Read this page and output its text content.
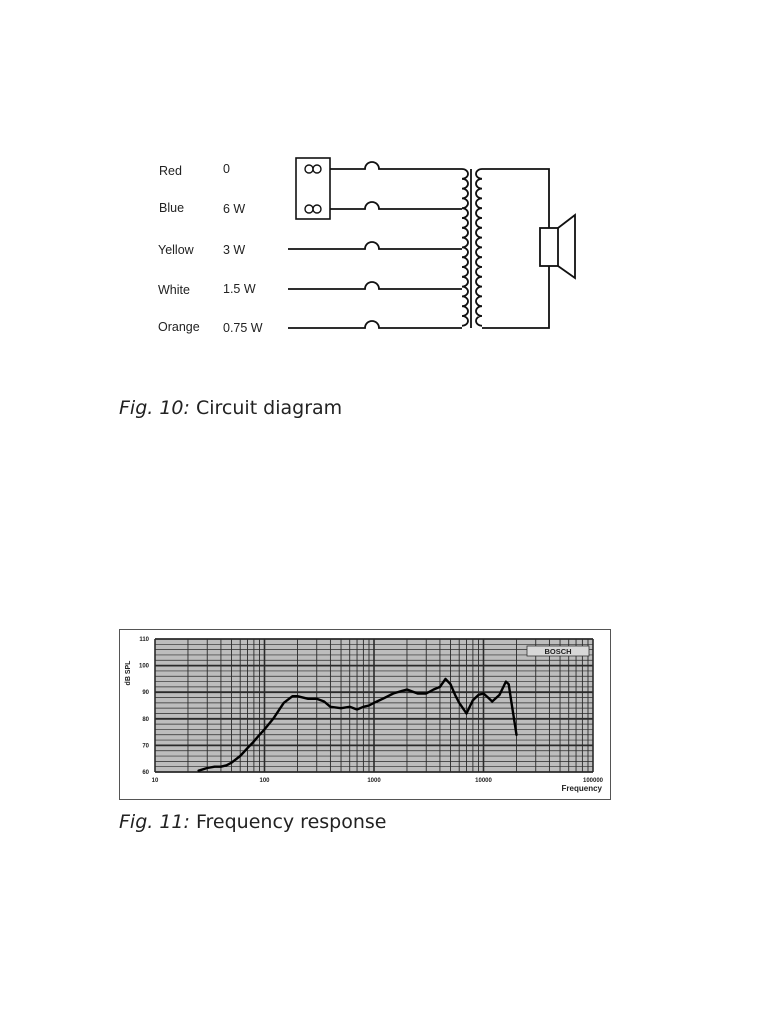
Red	0
Blue	6 W
Yellow 3 W
White	1.5 W
Orange 0.75 W
Fig. 10: Circuit diagram
10	100	1000	10000	100000
110
100
90
80
70
60
Frequency
dB SPL
BOSCH
Fig. 11: Frequency response
